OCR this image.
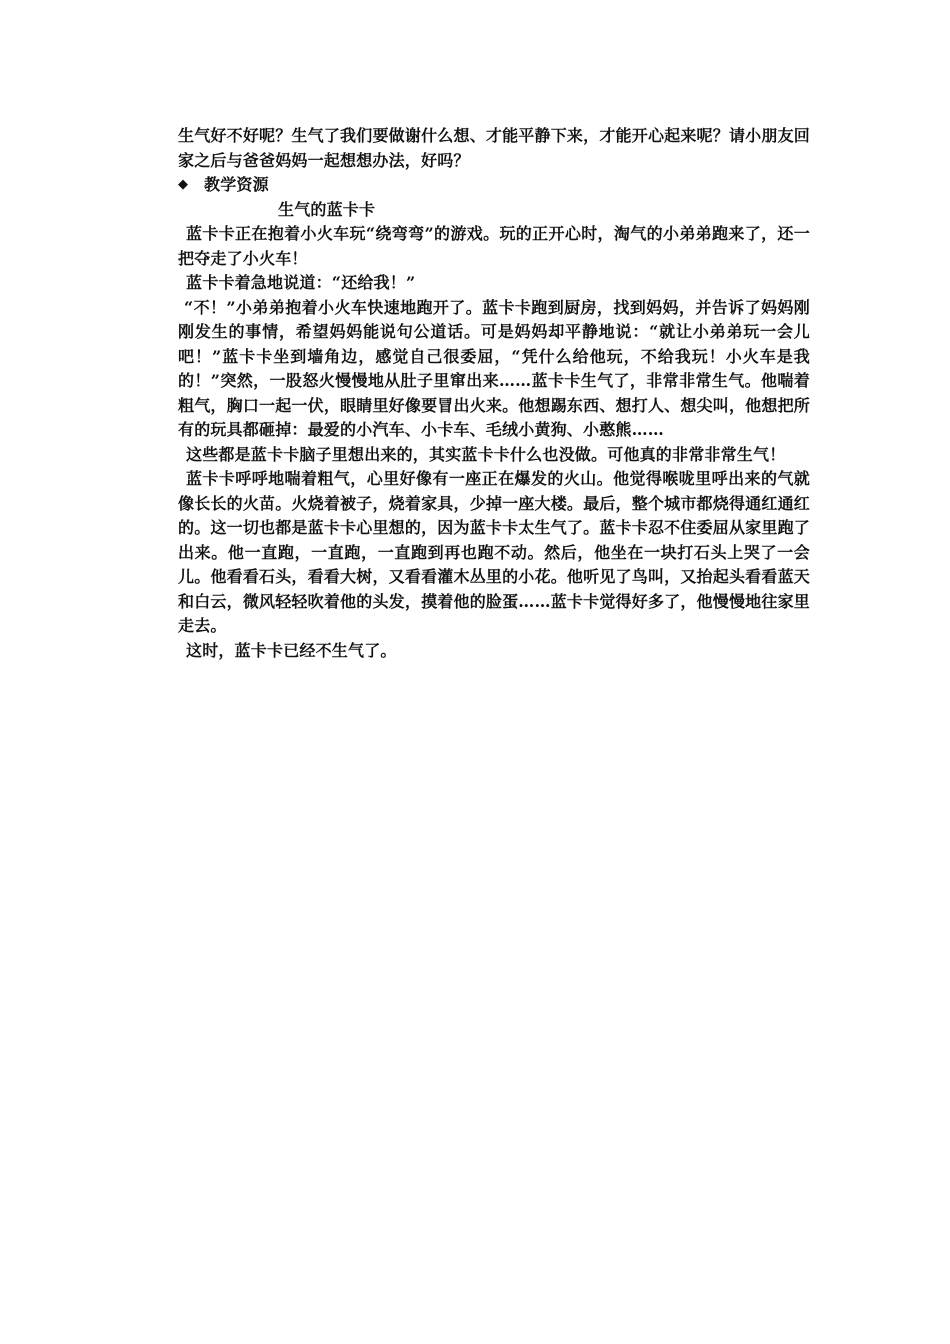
生气好不好呢？生气了我们要做谢什么想、才能平静下来，才能开心起来呢？请小朋友回家之后与爸爸妈妈一起想想办法，好吗？

◆ 教学资源

生气的蓝卡卡

蓝卡卡正在抱着小火车玩“绕弯弯”的游戏。玩的正开心时，淘气的小弟弟跑来了，还一把夺走了小火车！

蓝卡卡着急地说道：“还给我！”

“不！”小弟弟抱着小火车快速地跑开了。蓝卡卡跑到厨房，找到妈妈，并告诉了妈妈刚刚发生的事情，希望妈妈能说句公道话。可是妈妈却平静地说：“就让小弟弟玩一会儿吧！”蓝卡卡坐到墙角边，感觉自己很委屈，“凭什么给他玩，不给我玩！小火车是我的！”突然，一股怒火慢慢地从肚子里窜出来……蓝卡卡生气了，非常非常生气。他喘着粗气，胸口一起一伏，眼睛里好像要冒出火来。他想踢东西、想打人、想尖叫，他想把所有的玩具都砸掉：最爱的小汽车、小卡车、毛绒小黄狗、小憨熊……

这些都是蓝卡卡脑子里想出来的，其实蓝卡卡什么也没做。可他真的非常非常生气！

蓝卡卡呼呼地喘着粗气，心里好像有一座正在爆发的火山。他觉得喉咙里呼出来的气就像长长的火苗。火烧着被子，烧着家具，少掉一座大楼。最后，整个城市都烧得通红通红的。这一切也都是蓝卡卡心里想的，因为蓝卡卡太生气了。蓝卡卡忍不住委屈从家里跑了出来。他一直跑，一直跑，一直跑到再也跑不动。然后，他坐在一块打石头上哭了一会儿。他看看石头，看看大树，又看看灌木丛里的小花。他听见了鸟叫，又抬起头看看蓝天和白云，微风轻轻吹着他的头发，摸着他的脸蛋……蓝卡卡觉得好多了，他慢慢地往家里走去。

这时，蓝卡卡已经不生气了。
